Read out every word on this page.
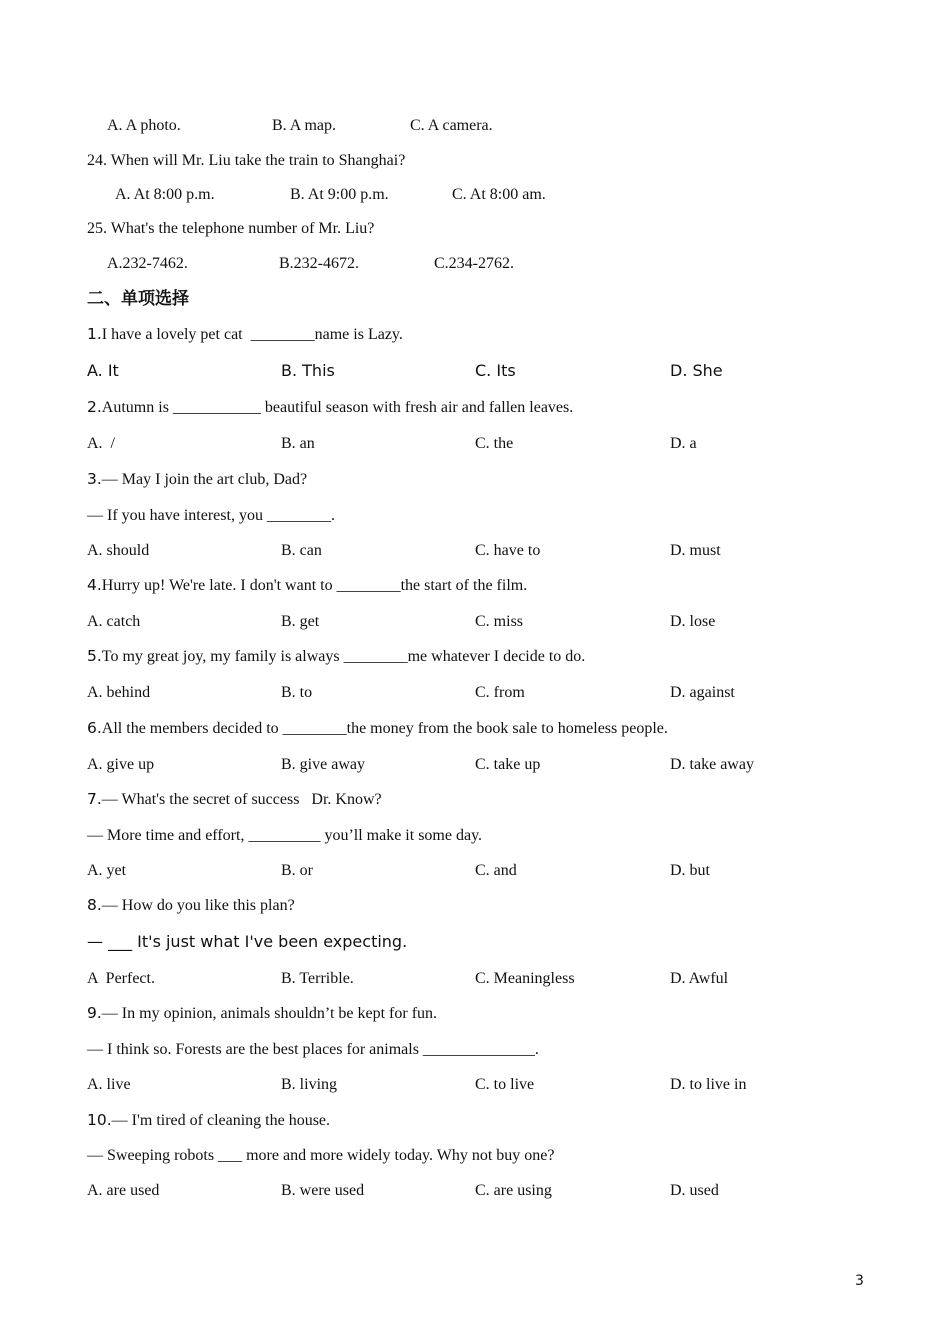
A. A photo.	B. A map.	C. A camera.
24. When will Mr. Liu take the train to Shanghai?
A. At 8:00 p.m.	B. At 9:00 p.m.	C. At 8:00 am.
25. What's the telephone number of Mr. Liu?
A.232-7462.	B.232-4672.	C.234-2762.
二、单项选择
1.I have a lovely pet cat  ________name is Lazy.
A. It	B. This	C. Its	D. She
2.Autumn is ___________ beautiful season with fresh air and fallen leaves.
A.  /	B. an	C. the	D. a
3.— May I join the art club, Dad?
— If you have interest, you ________.
A. should	B. can	C. have to	D. must
4.Hurry up! We're late. I don't want to ________the start of the film.
A. catch	B. get	C. miss	D. lose
5.To my great joy, my family is always ________me whatever I decide to do.
A. behind	B. to	C. from	D. against
6.All the members decided to ________the money from the book sale to homeless people.
A. give up	B. give away	C. take up	D. take away
7.— What's the secret of success   Dr. Know?
— More time and effort, _________ you’ll make it some day.
A. yet	B. or	C. and	D. but
8.— How do you like this plan?
— ___ It's just what I've been expecting.
A  Perfect.	B. Terrible.	C. Meaningless	D. Awful
9.— In my opinion, animals shouldn’t be kept for fun.
— I think so. Forests are the best places for animals ______________.
A. live	B. living	C. to live	D. to live in
10.— I'm tired of cleaning the house.
— Sweeping robots ___ more and more widely today. Why not buy one?
A. are used	B. were used	C. are using	D. used
3
